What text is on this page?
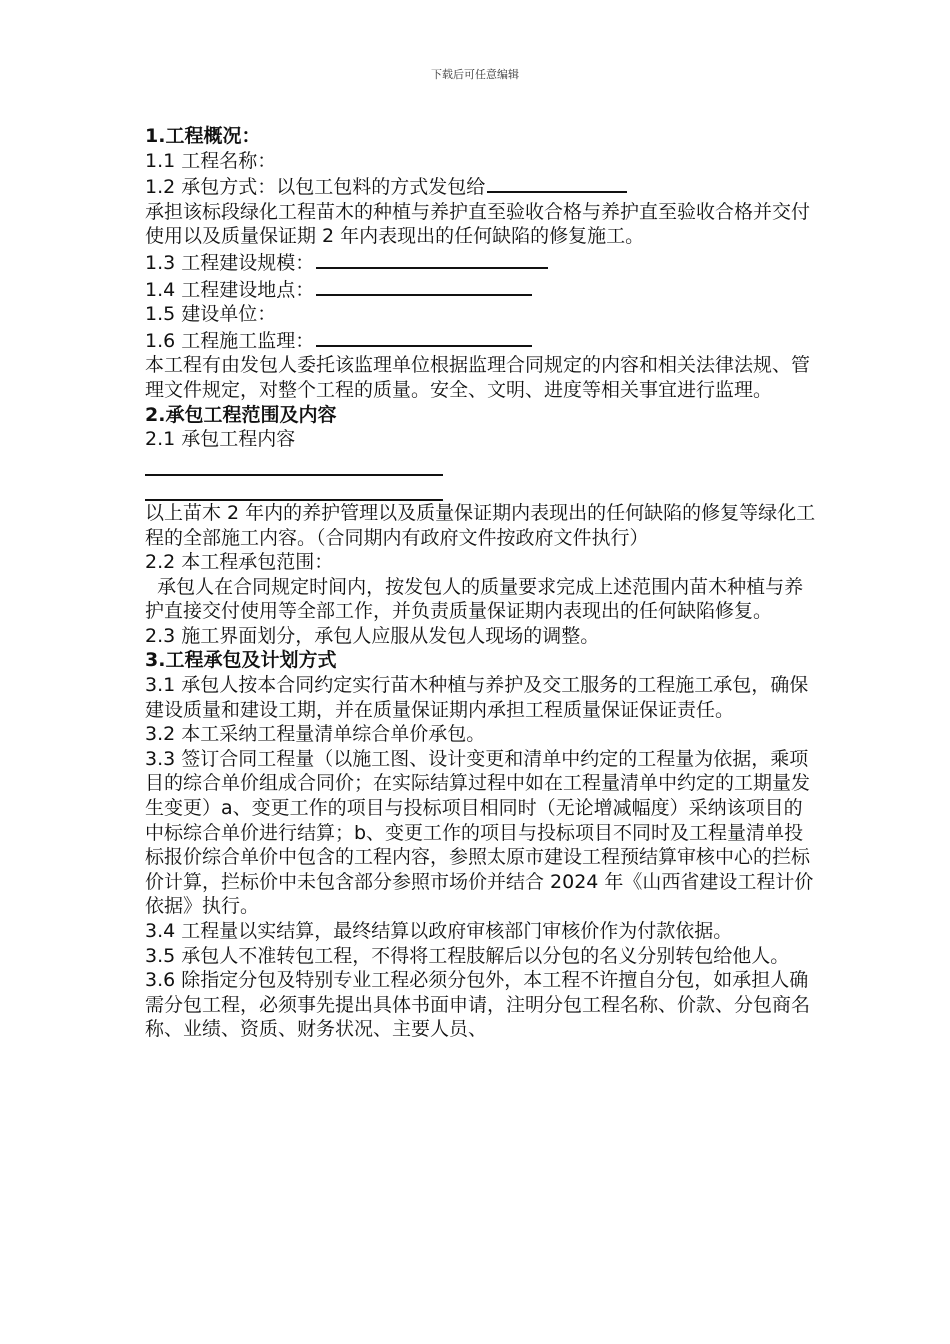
下载后可任意编辑

1.工程概况：

1.1 工程名称：

1.2 承包方式：以包工包料的方式发包给

承担该标段绿化工程苗木的种植与养护直至验收合格与养护直至验收合格并交付使用以及质量保证期 2 年内表现出的任何缺陷的修复施工。

1.3 工程建设规模：

1.4 工程建设地点：

1.5 建设单位：

1.6 工程施工监理：

本工程有由发包人委托该监理单位根据监理合同规定的内容和相关法律法规、管理文件规定，对整个工程的质量。安全、文明、进度等相关事宜进行监理。

2.承包工程范围及内容

2.1 承包工程内容

以上苗木 2 年内的养护管理以及质量保证期内表现出的任何缺陷的修复等绿化工程的全部施工内容。（合同期内有政府文件按政府文件执行）

2.2 本工程承包范围：

承包人在合同规定时间内，按发包人的质量要求完成上述范围内苗木种植与养护直接交付使用等全部工作，并负责质量保证期内表现出的任何缺陷修复。

2.3 施工界面划分，承包人应服从发包人现场的调整。

3.工程承包及计划方式

3.1 承包人按本合同约定实行苗木种植与养护及交工服务的工程施工承包，确保建设质量和建设工期，并在质量保证期内承担工程质量保证保证责任。

3.2 本工采纳工程量清单综合单价承包。

3.3 签订合同工程量（以施工图、设计变更和清单中约定的工程量为依据，乘项目的综合单价组成合同价；在实际结算过程中如在工程量清单中约定的工期量发生变更）a、变更工作的项目与投标项目相同时（无论增减幅度）采纳该项目的中标综合单价进行结算；b、变更工作的项目与投标项目不同时及工程量清单投标报价综合单价中包含的工程内容，参照太原市建设工程预结算审核中心的拦标价计算，拦标价中未包含部分参照市场价并结合 2024 年《山西省建设工程计价依据》执行。

3.4 工程量以实结算，最终结算以政府审核部门审核价作为付款依据。

3.5 承包人不准转包工程，不得将工程肢解后以分包的名义分别转包给他人。

3.6 除指定分包及特别专业工程必须分包外，本工程不许擅自分包，如承担人确需分包工程，必须事先提出具体书面申请，注明分包工程名称、价款、分包商名称、业绩、资质、财务状况、主要人员、
